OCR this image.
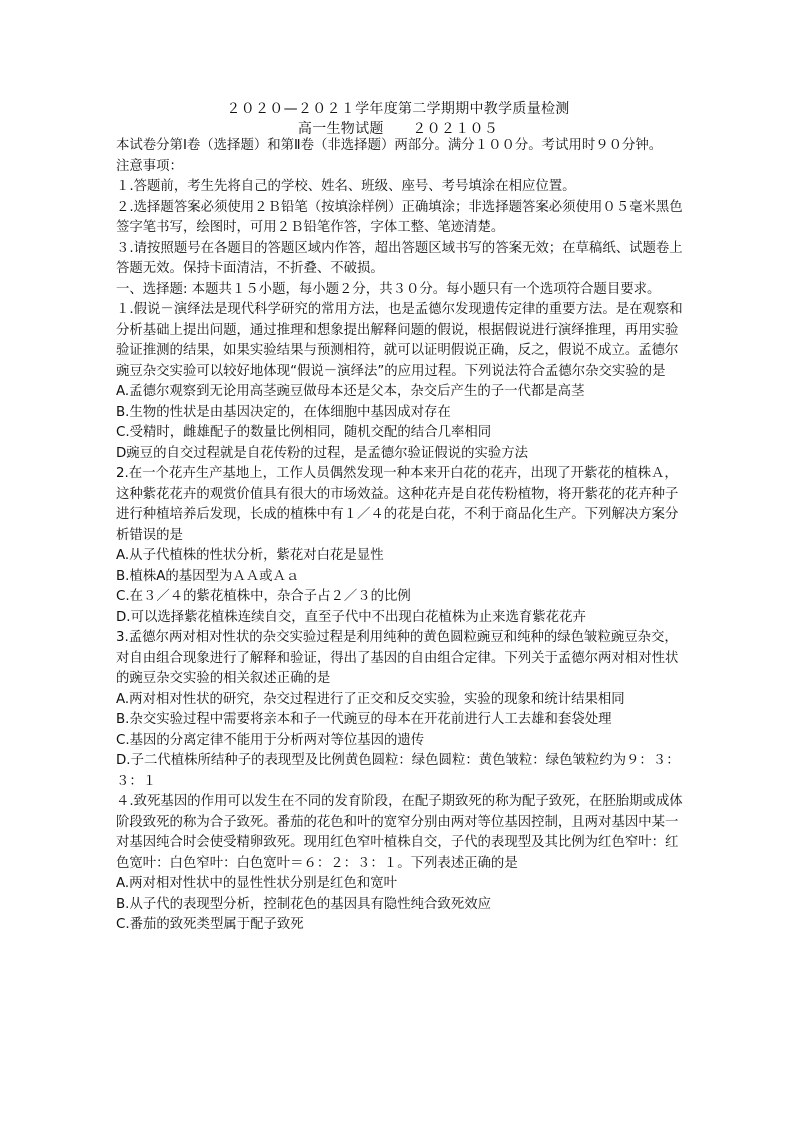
２０２０—２０２１学年度第二学期期中教学质量检测
高一生物试题　　２０２１０５

本试卷分第Ⅰ卷（选择题）和第Ⅱ卷（非选择题）两部分。满分１００分。考试用时９０分钟。

注意事项：

１.答题前，考生先将自己的学校、姓名、班级、座号、考号填涂在相应位置。

２.选择题答案必须使用２Ｂ铅笔（按填涂样例）正确填涂；非选择题答案必须使用０５毫米黑色签字笔书写，绘图时，可用２Ｂ铅笔作答，字体工整、笔迹清楚。

３.请按照题号在各题目的答题区域内作答，超出答题区域书写的答案无效；在草稿纸、试题卷上答题无效。保持卡面清洁，不折叠、不破损。

一、选择题: 本题共１５小题，每小题２分，共３０分。每小题只有一个选项符合题目要求。

１.假说－演绎法是现代科学研究的常用方法，也是孟德尔发现遗传定律的重要方法。是在观察和分析基础上提出问题，通过推理和想象提出解释问题的假说，根据假说进行演绎推理，再用实验验证推测的结果，如果实验结果与预测相符，就可以证明假说正确，反之，假说不成立。孟德尔豌豆杂交实验可以较好地体现“假说－演绎法”的应用过程。下列说法符合孟德尔杂交实验的是

A.孟德尔观察到无论用高茎豌豆做母本还是父本，杂交后产生的子一代都是高茎

B.生物的性状是由基因决定的，在体细胞中基因成对存在

C.受精时，雌雄配子的数量比例相同，随机交配的结合几率相同

D豌豆的自交过程就是自花传粉的过程，是孟德尔验证假说的实验方法

2.在一个花卉生产基地上，工作人员偶然发现一种本来开白花的花卉，出现了开紫花的植株Ａ，这种紫花花卉的观赏价值具有很大的市场效益。这种花卉是自花传粉植物，将开紫花的花卉种子进行种植培养后发现，长成的植株中有１／４的花是白花，不利于商品化生产。下列解决方案分析错误的是

A.从子代植株的性状分析，紫花对白花是显性

B.植株A的基因型为ＡＡ或Ａａ

C.在３／４的紫花植株中，杂合子占２／３的比例

D.可以选择紫花植株连续自交，直至子代中不出现白花植株为止来选育紫花花卉

3.孟德尔两对相对性状的杂交实验过程是利用纯种的黄色圆粒豌豆和纯种的绿色皱粒豌豆杂交，对自由组合现象进行了解释和验证，得出了基因的自由组合定律。下列关于孟德尔两对相对性状的豌豆杂交实验的相关叙述正确的是

A.两对相对性状的研究，杂交过程进行了正交和反交实验，实验的现象和统计结果相同

B.杂交实验过程中需要将亲本和子一代豌豆的母本在开花前进行人工去雄和套袋处理

C.基因的分离定律不能用于分析两对等位基因的遗传

D.子二代植株所结种子的表现型及比例黄色圆粒：绿色圆粒：黄色皱粒：绿色皱粒约为９：３：３：１

４.致死基因的作用可以发生在不同的发育阶段，在配子期致死的称为配子致死，在胚胎期或成体阶段致死的称为合子致死。番茄的花色和叶的宽窄分别由两对等位基因控制，且两对基因中某一对基因纯合时会使受精卵致死。现用红色窄叶植株自交，子代的表现型及其比例为红色窄叶：红色宽叶：白色窄叶：白色宽叶＝６：２：３：１。下列表述正确的是

A.两对相对性状中的显性性状分别是红色和宽叶

B.从子代的表现型分析，控制花色的基因具有隐性纯合致死效应

C.番茄的致死类型属于配子致死
